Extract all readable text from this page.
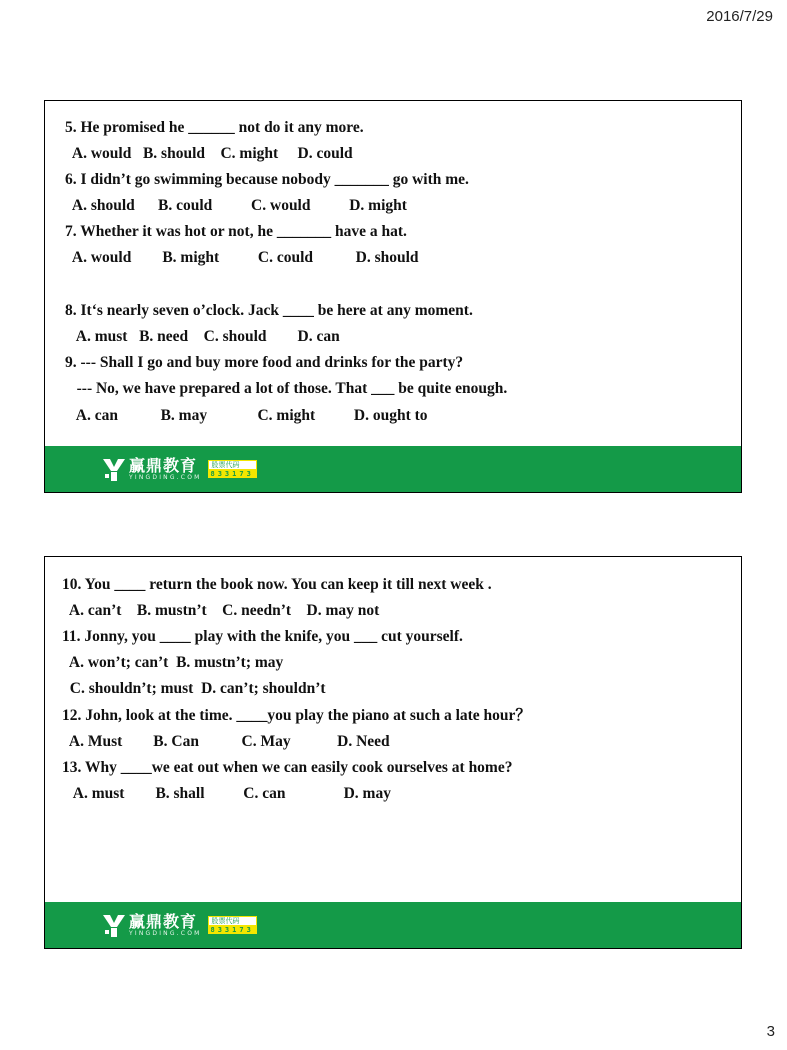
2016/7/29
5. He promised he ______ not do it any more.
A. would   B. should    C. might     D. could
6. I didn’t go swimming because nobody _______ go with me.
A. should      B. could          C. would          D. might
7. Whether it was hot or not, he _______ have a hat.
A. would        B. might          C. could           D. should
8. It‘s nearly seven o’clock. Jack ____ be here at any moment.
A. must   B. need    C. should        D. can
9. --- Shall I go and buy more food and drinks for the party?
--- No, we have prepared a lot of those. That ___ be quite enough.
A. can           B. may             C. might          D. ought to
赢鼎教育
YINGDING.COM
股票代码
833173
10. You ____ return the book now. You can keep it till next week .
A. can’t    B. mustn’t    C. needn’t    D. may not
11. Jonny, you ____ play with the knife, you ___ cut yourself.
A. won’t; can’t  B. mustn’t; may
C. shouldn’t; must  D. can’t; shouldn’t
12. John, look at the time. ____you play the piano at such a late hour？
A. Must        B. Can           C. May            D. Need
13. Why ____we eat out when we can easily cook ourselves at home?
A. must        B. shall          C. can               D. may
赢鼎教育
YINGDING.COM
股票代码
833173
3
